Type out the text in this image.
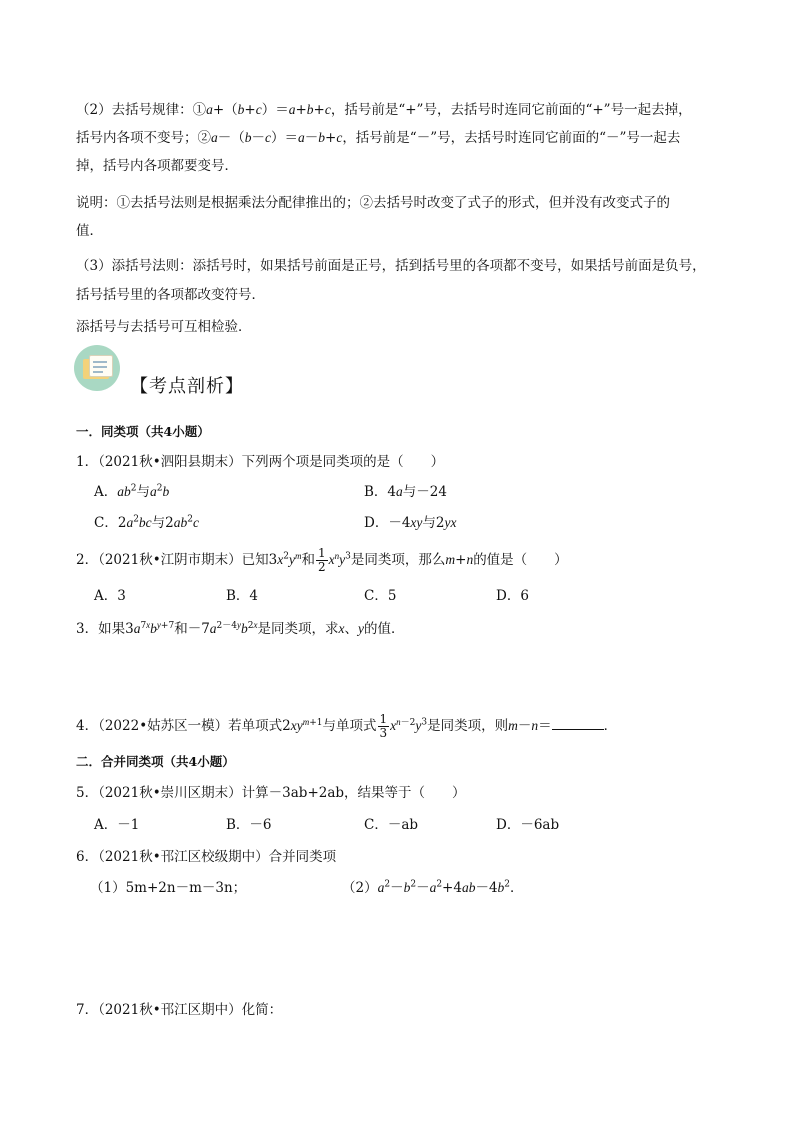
（2）去括号规律：①a+（b+c）＝a+b+c，括号前是“+”号，去括号时连同它前面的“+”号一起去掉，
括号内各项不变号；②a－（b－c）＝a－b+c，括号前是“－”号，去括号时连同它前面的“－”号一起去
掉，括号内各项都要变号．
说明：①去括号法则是根据乘法分配律推出的；②去括号时改变了式子的形式，但并没有改变式子的
值．
（3）添括号法则：添括号时，如果括号前面是正号，括到括号里的各项都不变号，如果括号前面是负号，
括号括号里的各项都改变符号．
添括号与去括号可互相检验．
【考点剖析】
一．同类项（共4小题）
1．（2021秋•泗阳县期末）下列两个项是同类项的是（　　）
A．$ab^2$与$a^2b$	B．4a与－24
C．$2a^2bc$与$2ab^2c$	D．－4xy与2yx
2．（2021秋•江阴市期末）已知$3x^2y^m$和 $\frac{1}{2} x^ny^3$是同类项，那么m+n的值是（　　）
A．3	B．4	C．5	D．6
3．如果$3a^{7x}b^{y+7}$和$-7a^{2-4y}b^{2x}$是同类项，求x、y的值．
4．（2022•姑苏区一模）若单项式$2xy^{m+1}$与单项式 $\frac{1}{3} x^{n-2}y^3$是同类项，则m－n＝	．
二．合并同类项（共4小题）
5．（2021秋•崇川区期末）计算－3ab+2ab，结果等于（　　）
A．－1	B．－6	C．－ab	D．－6ab
6．（2021秋•邗江区校级期中）合并同类项
（1）5m+2n－m－3n；	$(2)a^2-b^2-a^2+4ab-4b^2$．
7．（2021秋•邗江区期中）化简：
